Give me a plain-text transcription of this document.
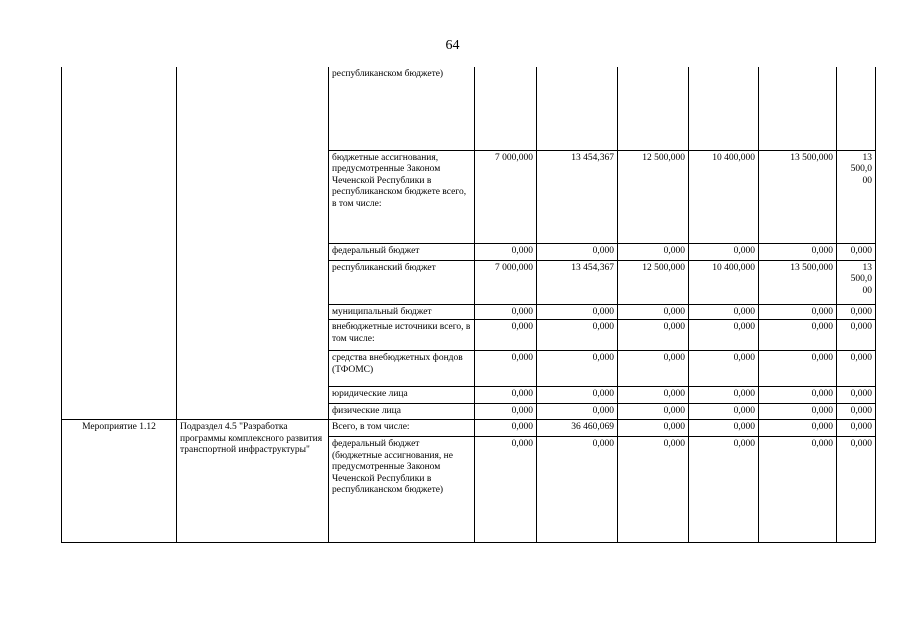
64
		республиканском бюджете)						
		бюджетные ассигнования, предусмотренные Законом Чеченской Республики в республиканском бюджете всего, в том числе:	7 000,000	13 454,367	12 500,000	10 400,000	13 500,000	13 500,0 00
		федеральный бюджет	0,000	0,000	0,000	0,000	0,000	0,000
		республиканский бюджет	7 000,000	13 454,367	12 500,000	10 400,000	13 500,000	13 500,0 00
		муниципальный бюджет	0,000	0,000	0,000	0,000	0,000	0,000
		внебюджетные источники всего, в том числе:	0,000	0,000	0,000	0,000	0,000	0,000
		средства внебюджетных фондов (ТФОМС)	0,000	0,000	0,000	0,000	0,000	0,000
		юридические лица	0,000	0,000	0,000	0,000	0,000	0,000
		физические лица	0,000	0,000	0,000	0,000	0,000	0,000
Мероприятие 1.12	Подраздел 4.5 "Разработка программы комплексного развития транспортной инфраструктуры"	Всего, в том числе:	0,000	36 460,069	0,000	0,000	0,000	0,000
		федеральный бюджет (бюджетные ассигнования, не предусмотренные Законом Чеченской Республики в республиканском бюджете)	0,000	0,000	0,000	0,000	0,000	0,000
